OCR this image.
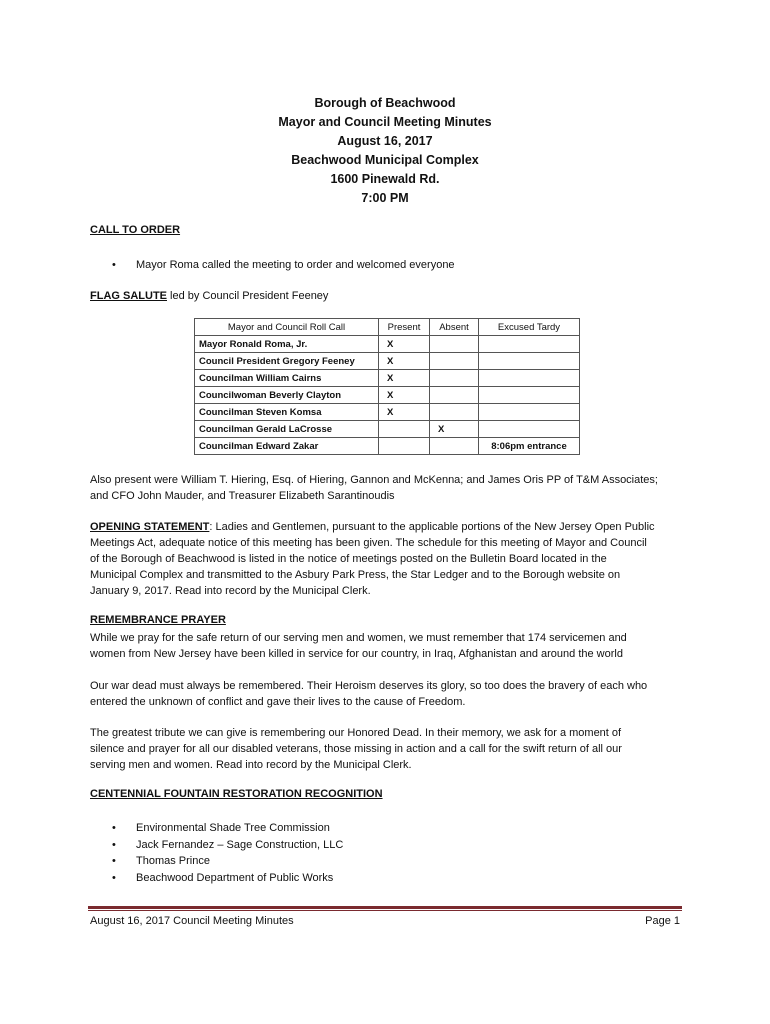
Borough of Beachwood
Mayor and Council Meeting Minutes
August 16, 2017
Beachwood Municipal Complex
1600 Pinewald Rd.
7:00 PM
CALL TO ORDER
• Mayor Roma called the meeting to order and welcomed everyone
FLAG SALUTE led by Council President Feeney
Mayor and Council Roll Call	Present	Absent	Excused Tardy
Mayor Ronald Roma, Jr.	X		
Council President Gregory Feeney	X		
Councilman William Cairns	X		
Councilwoman Beverly Clayton	X		
Councilman Steven Komsa	X		
Councilman Gerald LaCrosse		X	
Councilman Edward Zakar			8:06pm entrance
Also present were William T. Hiering, Esq. of Hiering, Gannon and McKenna; and James Oris PP of T&M Associates;
and CFO John Mauder, and Treasurer Elizabeth Sarantinoudis
OPENING STATEMENT: Ladies and Gentlemen, pursuant to the applicable portions of the New Jersey Open Public
Meetings Act, adequate notice of this meeting has been given. The schedule for this meeting of Mayor and Council
of the Borough of Beachwood is listed in the notice of meetings posted on the Bulletin Board located in the
Municipal Complex and transmitted to the Asbury Park Press, the Star Ledger and to the Borough website on
January 9, 2017. Read into record by the Municipal Clerk.
REMEMBRANCE PRAYER
While we pray for the safe return of our serving men and women, we must remember that 174 servicemen and
women from New Jersey have been killed in service for our country, in Iraq, Afghanistan and around the world
Our war dead must always be remembered. Their Heroism deserves its glory, so too does the bravery of each who
entered the unknown of conflict and gave their lives to the cause of Freedom.
The greatest tribute we can give is remembering our Honored Dead. In their memory, we ask for a moment of
silence and prayer for all our disabled veterans, those missing in action and a call for the swift return of all our
serving men and women. Read into record by the Municipal Clerk.
CENTENNIAL FOUNTAIN RESTORATION RECOGNITION
• Environmental Shade Tree Commission
• Jack Fernandez – Sage Construction, LLC
• Thomas Prince
• Beachwood Department of Public Works
August 16, 2017 Council Meeting Minutes	Page 1
